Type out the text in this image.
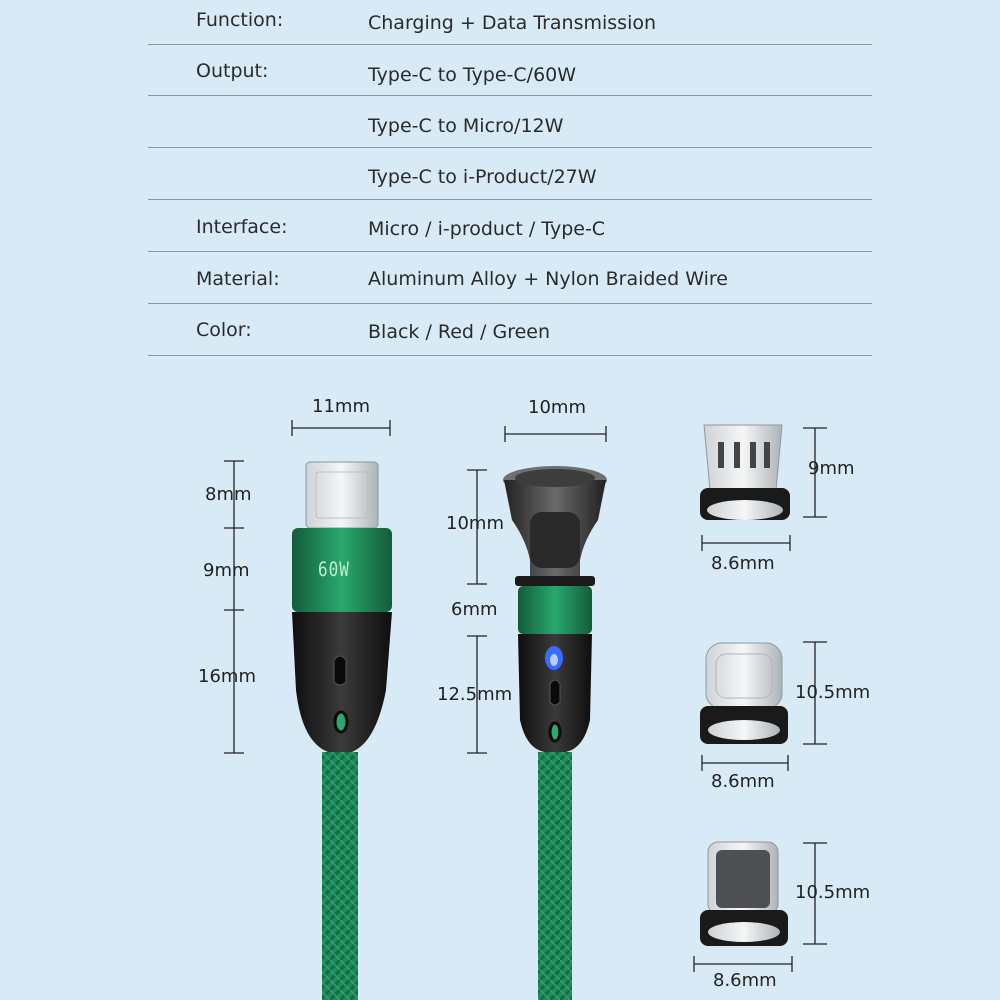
Function:	Charging + Data Transmission
Output:	Type-C to Type-C/60W
Type-C to Micro/12W
Type-C to i-Product/27W
Interface:	Micro / i-product / Type-C
Material:	Aluminum Alloy + Nylon Braided Wire
Color:	Black / Red / Green
60W
11mm
8mm
9mm
16mm
10mm
10mm
6mm
12.5mm
9mm
8.6mm
10.5mm
8.6mm
10.5mm
8.6mm
